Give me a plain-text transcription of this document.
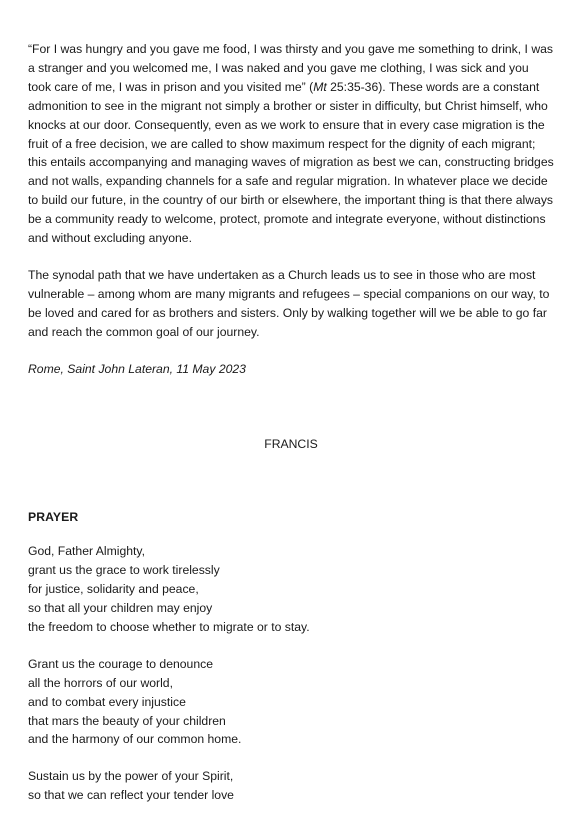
“For I was hungry and you gave me food, I was thirsty and you gave me something to drink, I was a stranger and you welcomed me, I was naked and you gave me clothing, I was sick and you took care of me, I was in prison and you visited me” (Mt 25:35-36). These words are a constant admonition to see in the migrant not simply a brother or sister in difficulty, but Christ himself, who knocks at our door. Consequently, even as we work to ensure that in every case migration is the fruit of a free decision, we are called to show maximum respect for the dignity of each migrant; this entails accompanying and managing waves of migration as best we can, constructing bridges and not walls, expanding channels for a safe and regular migration. In whatever place we decide to build our future, in the country of our birth or elsewhere, the important thing is that there always be a community ready to welcome, protect, promote and integrate everyone, without distinctions and without excluding anyone.

The synodal path that we have undertaken as a Church leads us to see in those who are most vulnerable – among whom are many migrants and refugees – special companions on our way, to be loved and cared for as brothers and sisters. Only by walking together will we be able to go far and reach the common goal of our journey.

Rome, Saint John Lateran, 11 May 2023

FRANCIS

PRAYER

God, Father Almighty,
grant us the grace to work tirelessly
for justice, solidarity and peace,
so that all your children may enjoy
the freedom to choose whether to migrate or to stay.
Grant us the courage to denounce
all the horrors of our world,
and to combat every injustice
that mars the beauty of your children
and the harmony of our common home.
Sustain us by the power of your Spirit,
so that we can reflect your tender love
